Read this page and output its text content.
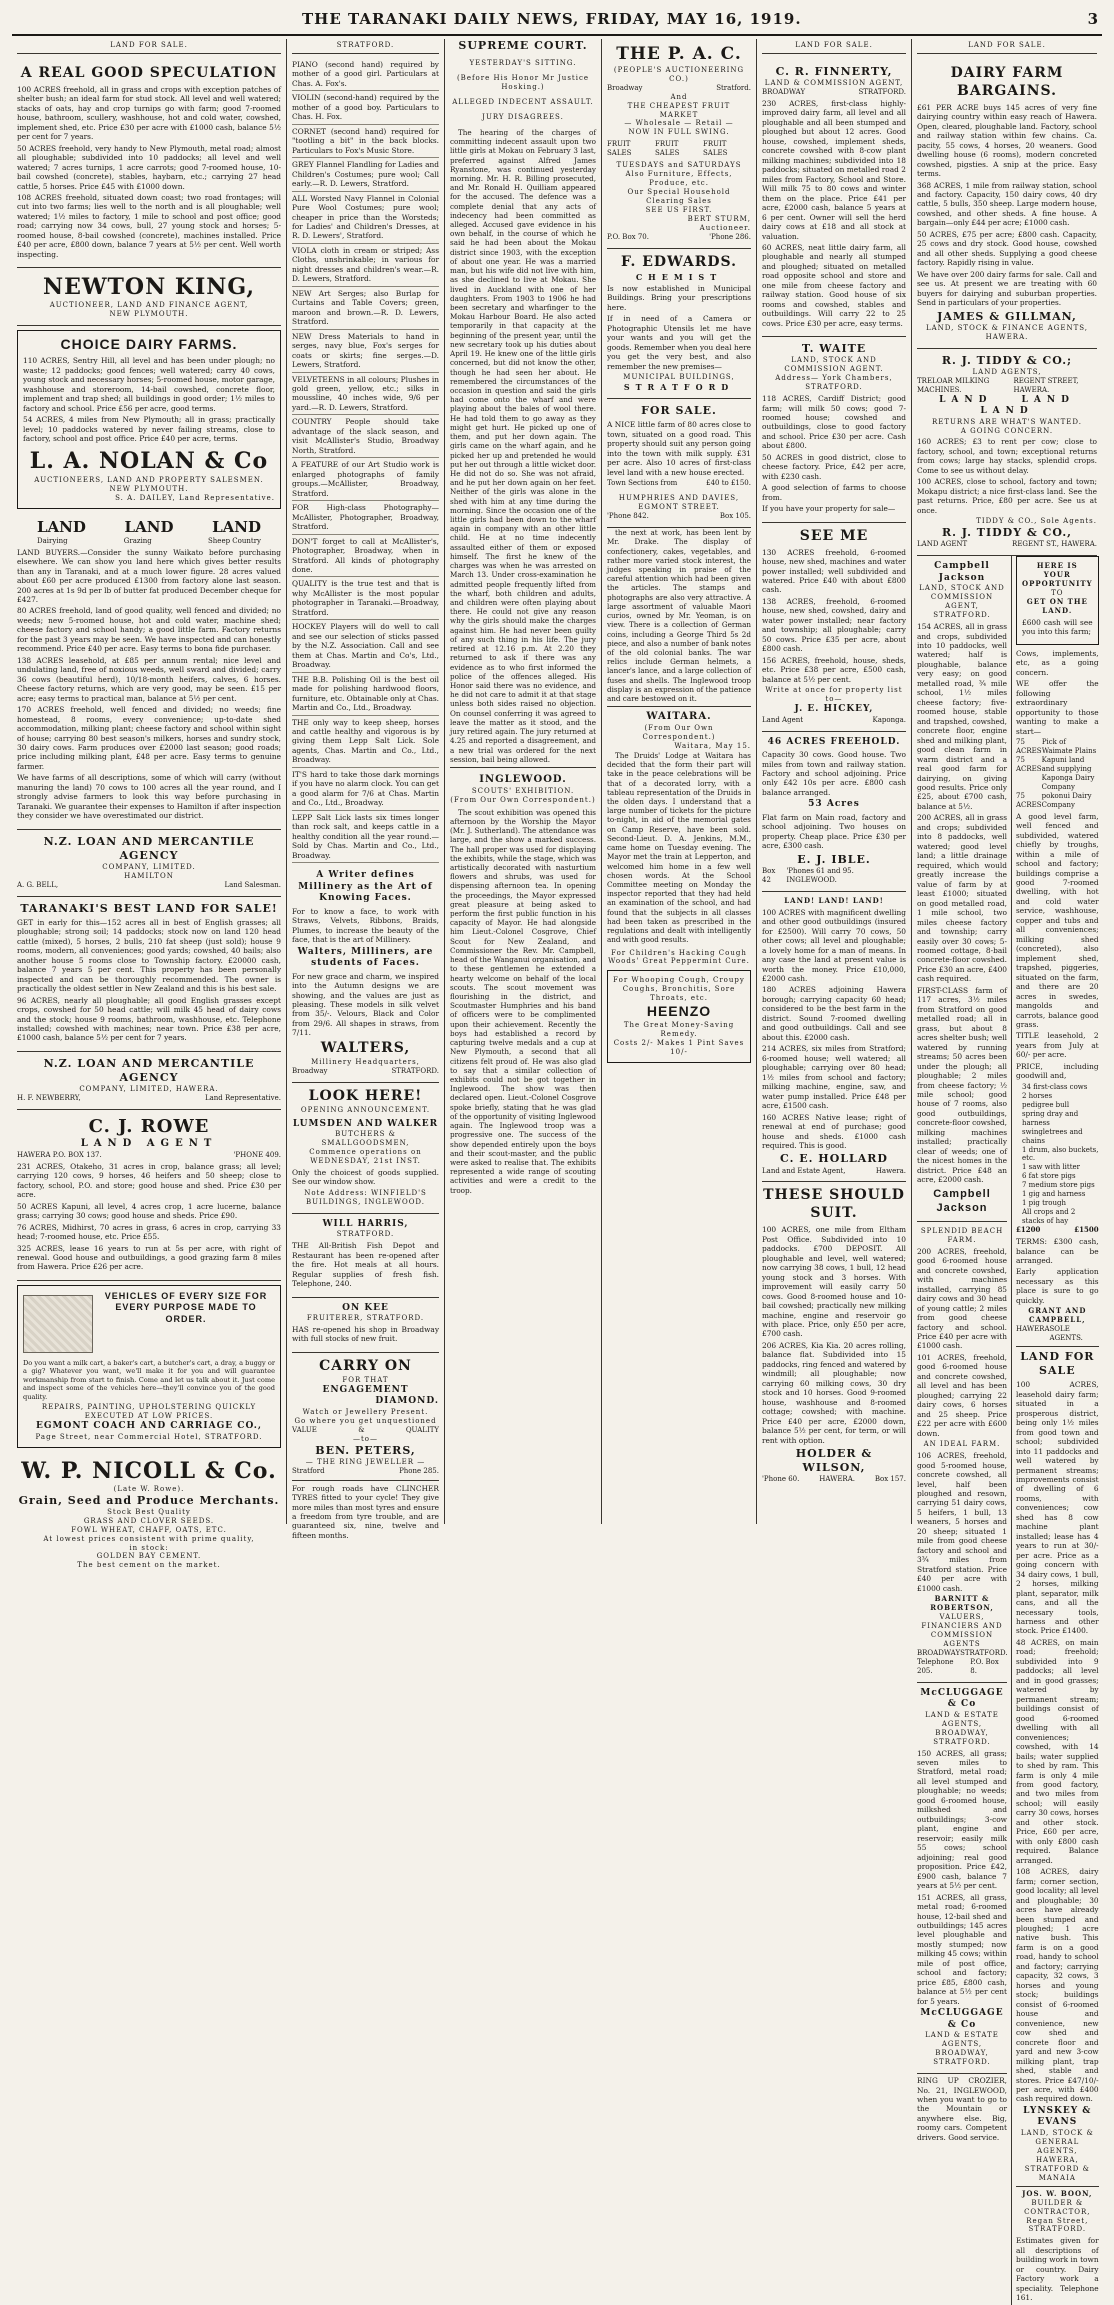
THE TARANAKI DAILY NEWS, FRIDAY, MAY 16, 1919.	3
LAND FOR SALE.
A REAL GOOD SPECULATION

100 ACRES freehold, all in grass and crops with exception patches of shelter bush; an ideal farm for stud stock. All level and well watered; stacks of oats, hay and crop turnips go with farm; good 7-roomed house, bathroom, scullery, washhouse, hot and cold water, cowshed, implement shed, etc. Price £30 per acre with £1000 cash, balance 5½ per cent for 7 years.

50 ACRES freehold, very handy to New Plymouth, metal road; almost all ploughable; subdivided into 10 paddocks; all level and well watered; 7 acres turnips, 1 acre carrots; good 7-roomed house, 10-bail cowshed (concrete), stables, haybarn, etc.; carrying 27 head cattle, 5 horses. Price £45 with £1000 down.

108 ACRES freehold, situated down coast; two road frontages; will cut into two farms; lies well to the north and is all ploughable; well watered; 1½ miles to factory, 1 mile to school and post office; good road; carrying now 34 cows, bull, 27 young stock and horses; 5-roomed house, 8-bail cowshed (concrete), machines installed. Price £40 per acre, £800 down, balance 7 years at 5½ per cent. Well worth inspecting.

NEWTON KING,
AUCTIONEER, LAND AND FINANCE AGENT,
NEW PLYMOUTH.
CHOICE DAIRY FARMS.

110 ACRES, Sentry Hill, all level and has been under plough; no waste; 12 paddocks; good fences; well watered; carry 40 cows, young stock and necessary horses; 5-roomed house, motor garage, washhouse and storeroom, 14-bail cowshed, concrete floor, implement and trap shed; all buildings in good order; 1½ miles to factory and school. Price £56 per acre, good terms.

54 ACRES, 4 miles from New Plymouth; all in grass; practically level; 10 paddocks watered by never failing streams, close to factory, school and post office. Price £40 per acre, terms.

L. A. NOLAN & Co
AUCTIONEERS, LAND AND PROPERTY SALESMEN.
NEW PLYMOUTH.
S. A. DAILEY, Land Representative.
LAND	LAND	LAND
Dairying	Grazing	Sheep Country

LAND BUYERS.—Consider the sunny Waikato before purchasing elsewhere. We can show you land here which gives better results than any in Taranaki, and at a much lower figure. 28 acres valued about £60 per acre produced £1300 from factory alone last season. 200 acres at 1s 9d per lb of butter fat produced December cheque for £427.

80 ACRES freehold, land of good quality, well fenced and divided; no weeds; new 5-roomed house, hot and cold water, machine shed; cheese factory and school handy; a good little farm. Factory returns for the past 3 years may be seen. We have inspected and can honestly recommend. Price £40 per acre. Easy terms to bona fide purchaser.

138 ACRES leasehold, at £85 per annum rental; nice level and undulating land, free of noxious weeds, well sward and divided; carry 36 cows (beautiful herd), 10/18-month heifers, calves, 6 horses. Cheese factory returns, which are very good, may be seen. £15 per acre; easy terms to practical man, balance at 5½ per cent.

170 ACRES freehold, well fenced and divided; no weeds; fine homestead, 8 rooms, every convenience; up-to-date shed accommodation, milking plant; cheese factory and school within sight of house; carrying 80 best season's milkers, horses and sundry stock, 30 dairy cows. Farm produces over £2000 last season; good roads; price including milking plant, £48 per acre. Easy terms to genuine farmer.

We have farms of all descriptions, some of which will carry (without manuring the land) 70 cows to 100 acres all the year round, and I strongly advise farmers to look this way before purchasing in Taranaki. We guarantee their expenses to Hamilton if after inspection they consider we have overestimated our district.

N.Z. LOAN AND MERCANTILE AGENCY
COMPANY, LIMITED.
HAMILTON
A. G. BELL,	Land Salesman.
TARANAKI'S BEST LAND FOR SALE!

GET in early for this—152 acres all in best of English grasses; all ploughable; strong soil; 14 paddocks; stock now on land 120 head cattle (mixed), 5 horses, 2 bulls, 210 fat sheep (just sold); house 9 rooms, modern, all conveniences; good yards; cowshed, 40 bails; also another house 5 rooms close to Township factory. £20000 cash, balance 7 years 5 per cent. This property has been personally inspected and can be thoroughly recommended. The owner is practically the oldest settler in New Zealand and this is his best sale.

96 ACRES, nearly all ploughable; all good English grasses except crops, cowshed for 50 head cattle; will milk 45 head of dairy cows and the stock; house 9 rooms, bathroom, washhouse, etc. Telephone installed; cowshed with machines; near town. Price £38 per acre, £1000 cash, balance 5½ per cent for 7 years.

N.Z. LOAN AND MERCANTILE AGENCY
COMPANY, LIMITED, HAWERA.
H. F. NEWBERRY,	Land Representative.
C. J. ROWE
LAND AGENT
HAWERA P.O. BOX 137.	'PHONE 409.

231 ACRES, Otakeho, 31 acres in crop, balance grass; all level; carrying 120 cows, 9 horses, 46 heifers and 50 sheep; close to factory, school, P.O. and store; good house and shed. Price £30 per acre.

50 ACRES Kapuni, all level, 4 acres crop, 1 acre lucerne, balance grass; carrying 30 cows; good house and sheds. Price £90.

76 ACRES, Midhirst, 70 acres in grass, 6 acres in crop, carrying 33 head; 7-roomed house, etc. Price £55.

325 ACRES, lease 16 years to run at 5s per acre, with right of renewal. Good house and outbuildings, a good grazing farm 8 miles from Hawera. Price £26 per acre.

VEHICLES OF EVERY SIZE FOR EVERY PURPOSE MADE TO ORDER.

Do you want a milk cart, a baker's cart, a butcher's cart, a dray, a buggy or a gig? Whatever you want, we'll make it for you and will guarantee workmanship from start to finish. Come and let us talk about it. Just come and inspect some of the vehicles here—they'll convince you of the good quality.

REPAIRS, PAINTING, UPHOLSTERING QUICKLY EXECUTED AT LOW PRICES.
EGMONT COACH AND CARRIAGE CO.,
Page Street, near Commercial Hotel, STRATFORD.
W. P. NICOLL & Co.
(Late W. Rowe).
Grain, Seed and Produce Merchants.
Stock Best Quality
GRASS AND CLOVER SEEDS.
FOWL WHEAT, CHAFF, OATS, ETC.
At lowest prices consistent with prime quality,
in stock:
GOLDEN BAY CEMENT.
The best cement on the market.
STRATFORD.

PIANO (second hand) required by mother of a good girl. Particulars at Chas. A. Fox's.

VIOLIN (second-hand) required by the mother of a good boy. Particulars to Chas. H. Fox.

CORNET (second hand) required for "tootling a bit" in the back blocks. Particulars to Fox's Music Store.

GREY Flannel Flandling for Ladies and Children's Costumes; pure wool; Call early.—R. D. Lewers, Stratford.

ALL Worsted Navy Flannel in Colonial Pure Wool Costumes; pure wool; cheaper in price than the Worsteds; for Ladies' and Children's Dresses, at R. D. Lewers', Stratford.

VIOLA cloth in cream or striped; Ass Cloths, unshrinkable; in various for night dresses and children's wear.—R. D. Lewers, Stratford.

NEW Art Serges; also Burlap for Curtains and Table Covers; green, maroon and brown.—R. D. Lewers, Stratford.

NEW Dress Materials to hand in serges, navy blue, Fox's serges for coats or skirts; fine serges.—D. Lewers, Stratford.

VELVETEENS in all colours; Plushes in gold green, yellow, etc.; silks in moussline, 40 inches wide, 9/6 per yard.—R. D. Lewers, Stratford.

COUNTRY People should take advantage of the slack season, and visit McAllister's Studio, Broadway North, Stratford.

A FEATURE of our Art Studio work is enlarged photographs of family groups.—McAllister, Broadway, Stratford.

FOR High-class Photography—McAllister, Photographer, Broadway, Stratford.

DON'T forget to call at McAllister's, Photographer, Broadway, when in Stratford. All kinds of photography done.

QUALITY is the true test and that is why McAllister is the most popular photographer in Taranaki.—Broadway, Stratford.

HOCKEY Players will do well to call and see our selection of sticks passed by the N.Z. Association. Call and see them at Chas. Martin and Co's, Ltd., Broadway.

THE B.B. Polishing Oil is the best oil made for polishing hardwood floors, furniture, etc. Obtainable only at Chas. Martin and Co., Ltd., Broadway.

THE only way to keep sheep, horses and cattle healthy and vigorous is by giving them Lepp Salt Lick. Sole agents, Chas. Martin and Co., Ltd., Broadway.

IT'S hard to take those dark mornings if you have no alarm clock. You can get a good alarm for 7/6 at Chas. Martin and Co., Ltd., Broadway.

LEPP Salt Lick lasts six times longer than rock salt, and keeps cattle in a healthy condition all the year round.—Sold by Chas. Martin and Co., Ltd., Broadway.

A Writer defines Millinery as the Art of Knowing Faces.

For to know a face, to work with Straws, Velvets, Ribbons, Braids, Plumes, to increase the beauty of the face, that is the art of Millinery.

Walters, Milliners, are students of Faces.

For new grace and charm, we inspired into the Autumn designs we are showing, and the values are just as pleasing. These models in silk velvet from 35/-. Velours, Black and Color from 29/6. All shapes in straws, from 7/11.

WALTERS,
Millinery Headquarters,
Broadway	STRATFORD.
LOOK HERE!
OPENING ANNOUNCEMENT.
LUMSDEN AND WALKER
BUTCHERS & SMALLGOODSMEN,
Commence operations on
WEDNESDAY, 21st INST.

Only the choicest of goods supplied. See our window show.

Note Address: WINFIELD'S BUILDINGS, INGLEWOOD.
WILL HARRIS,
STRATFORD.

THE All-British Fish Depot and Restaurant has been re-opened after the fire. Hot meals at all hours. Regular supplies of fresh fish. Telephone, 240.

ON KEE
FRUITERER, STRATFORD.

HAS re-opened his shop in Broadway with full stocks of new fruit.

CARRY ON
FOR THAT
ENGAGEMENT
DIAMOND.
Watch or Jewellery Present.
Go where you get unquestioned
VALUE	&	QUALITY
—to—
BEN. PETERS,
— THE RING JEWELLER —
Stratford	Phone 285.

For rough roads have CLINCHER TYRES fitted to your cycle! They give more miles than most tyres and ensure a freedom from tyre trouble, and are guaranteed six, nine, twelve and fifteen months.

SUPREME COURT.
YESTERDAY'S SITTING.
(Before His Honor Mr Justice Hosking.)
ALLEGED INDECENT ASSAULT.
JURY DISAGREES.

The hearing of the charges of committing indecent assault upon two little girls at Mokau on February 3 last, preferred against Alfred James Ryanstone, was continued yesterday morning. Mr. H. R. Billing prosecuted, and Mr. Ronald H. Quilliam appeared for the accused. The defence was a complete denial that any acts of indecency had been committed as alleged. Accused gave evidence in his own behalf, in the course of which he said he had been about the Mokau district since 1903, with the exception of about one year. He was a married man, but his wife did not live with him, as she declined to live at Mokau. She lived in Auckland with one of her daughters. From 1903 to 1906 he had been secretary and wharfinger to the Mokau Harbour Board. He also acted temporarily in that capacity at the beginning of the present year, until the new secretary took up his duties about April 19. He knew one of the little girls concerned, but did not know the other, though he had seen her about. He remembered the circumstances of the occasion in question and said the girls had come onto the wharf and were playing about the bales of wool there. He had told them to go away as they might get hurt. He picked up one of them, and put her down again. The girls came on the wharf again, and he picked her up and pretended he would put her out through a little wicket door. He did not do so. She was not afraid, and he put her down again on her feet. Neither of the girls was alone in the shed with him at any time during the morning. Since the occasion one of the little girls had been down to the wharf again in company with an other little child. He at no time indecently assaulted either of them or exposed himself. The first he knew of the charges was when he was arrested on March 13. Under cross-examination he admitted people frequently lifted from the wharf, both children and adults, and children were often playing about there. He could not give any reason why the girls should make the charges against him. He had never been guilty of any such thing in his life. The jury retired at 12.16 p.m. At 2.20 they returned to ask if there was any evidence as to who first informed the police of the offences alleged. His Honor said there was no evidence, and he did not care to admit it at that stage unless both sides raised no objection. On counsel conferring it was agreed to leave the matter as it stood, and the jury retired again. The jury returned at 4.25 and reported a disagreement, and a new trial was ordered for the next session, bail being allowed.

INGLEWOOD.
SCOUTS' EXHIBITION.
(From Our Own Correspondent.)

The scout exhibition was opened this afternoon by the Worship the Mayor (Mr. J. Sutherland). The attendance was large, and the show a marked success. The hall proper was used for displaying the exhibits, while the stage, which was artistically decorated with nasturtium flowers and shrubs, was used for dispensing afternoon tea. In opening the proceedings, the Mayor expressed great pleasure at being asked to perform the first public function in his capacity of Mayor. He had alongside him Lieut.-Colonel Cosgrove, Chief Scout for New Zealand, and Commissioner the Rev. Mr. Campbell, head of the Wanganui organisation, and to these gentlemen he extended a hearty welcome on behalf of the local scouts. The scout movement was flourishing in the district, and Scoutmaster Humphries and his band of officers were to be complimented upon their achievement. Recently the boys had established a record by capturing twelve medals and a cup at New Plymouth, a second that all citizens felt proud of. He was also glad to say that a similar collection of exhibits could not be got together in Inglewood. The show was then declared open. Lieut.-Colonel Cosgrove spoke briefly, stating that he was glad of the opportunity of visiting Inglewood again. The Inglewood troop was a progressive one. The success of the show depended entirely upon the boys and their scout-master, and the public were asked to realise that. The exhibits represented a wide range of scouting activities and were a credit to the troop.

THE P. A. C.
(PEOPLE'S AUCTIONEERING CO.)
Broadway	Stratford.
And
THE CHEAPEST FRUIT MARKET
— Wholesale — Retail —
NOW IN FULL SWING.
FRUIT SALES
FRUIT SALES
FRUIT SALES
TUESDAYS and SATURDAYS
Also Furniture, Effects, Produce, etc.
Our Special Household Clearing Sales
SEE US FIRST.
BERT STURM,
Auctioneer.
P.O. Box 70.	'Phone 286.
F. EDWARDS.
CHEMIST

Is now established in Municipal Buildings. Bring your prescriptions here.

If in need of a Camera or Photographic Utensils let me have your wants and you will get the goods. Remember when you deal here you get the very best, and also remember the new premises—

MUNICIPAL BUILDINGS,
STRATFORD
FOR SALE.

A NICE little farm of 80 acres close to town, situated on a good road. This property should suit any person going into the town with milk supply. £31 per acre. Also 10 acres of first-class level land with a new house erected.

Town Sections from	£40 to £150.
HUMPHRIES AND DAVIES,
EGMONT STREET.
'Phone 842.	Box 105.

the next at work, has been lent by Mr. Drake. The display of confectionery, cakes, vegetables, and rather more varied stock interest, the judges speaking in praise of the careful attention which had been given the articles. The stamps and photographs are also very attractive. A large assortment of valuable Maori curios, owned by Mr. Yeoman, is on view. There is a collection of German coins, including a George Third 5s 2d piece, and also a number of bank notes of the old colonial banks. The war relics include German helmets, a lancer's lance, and a large collection of fuses and shells. The Inglewood troop display is an expression of the patience and care bestowed on it.

WAITARA.
(From Our Own Correspondent.)
Waitara, May 15.

The Druids' Lodge at Waitara has decided that the form their part will take in the peace celebrations will be that of a decorated lorry, with a tableau representation of the Druids in the olden days. I understand that a large number of tickets for the picture to-night, in aid of the memorial gates on Camp Reserve, have been sold. Second-Lieut. D. A. Jenkins, M.M., came home on Tuesday evening. The Mayor met the train at Lepperton, and welcomed him home in a few well chosen words. At the School Committee meeting on Monday the inspector reported that they had held an examination of the school, and had found that the subjects in all classes had been taken as prescribed in the regulations and dealt with intelligently and with good results.

For Children's Hacking Cough Woods' Great Peppermint Cure.
For Whooping Cough, Croupy Coughs, Bronchitis, Sore Throats, etc.
HEENZO
The Great Money-Saving Remedy.
Costs 2/- Makes 1 Pint Saves 10/-
LAND FOR SALE.
C. R. FINNERTY,
LAND & COMMISSION AGENT,
BROADWAY	STRATFORD.

230 ACRES, first-class highly-improved dairy farm, all level and all ploughable and all been stumped and ploughed but about 12 acres. Good house, cowshed, implement sheds, concrete cowshed with 8-cow plant milking machines; subdivided into 18 paddocks; situated on metalled road 2 miles from Factory, School and Store. Will milk 75 to 80 cows and winter them on the place. Price £41 per acre, £2000 cash, balance 5 years at 6 per cent. Owner will sell the herd dairy cows at £18 and all stock at valuation.

60 ACRES, neat little dairy farm, all ploughable and nearly all stumped and ploughed; situated on metalled road opposite school and store and one mile from cheese factory and railway station. Good house of six rooms and cowshed, stables and outbuildings. Will carry 22 to 25 cows. Price £30 per acre, easy terms.

T. WAITE
LAND, STOCK AND COMMISSION AGENT.
Address— York Chambers, STRATFORD.

118 ACRES, Cardiff District; good farm; will milk 50 cows; good 7-roomed house; cowshed and outbuildings, close to good factory and school. Price £30 per acre. Cash about £800.

50 ACRES in good district, close to cheese factory. Price, £42 per acre, with £230 cash.

A good selection of farms to choose from.

If you have your property for sale—

SEE ME

130 ACRES freehold, 6-roomed house, new shed, machines and water power installed; well subdivided and watered. Price £40 with about £800 cash.

138 ACRES, freehold, 6-roomed house, new shed, cowshed, dairy and water power installed; near factory and township; all ploughable; carry 50 cows. Price £35 per acre, about £800 cash.

156 ACRES, freehold, house, sheds, etc. Price £38 per acre, £500 cash, balance at 5½ per cent.

Write at once for property list to—
J. E. HICKEY,
Land Agent	Kaponga.
46 ACRES FREEHOLD.

Capacity 30 cows. Good house. Two miles from town and railway station. Factory and school adjoining. Price only £42 10s per acre. £800 cash balance arranged.

53 Acres

Flat farm on Main road, factory and school adjoining. Two houses on property. Cheap place. Price £30 per acre, £300 cash.

E. J. IBLE.
Box 42
'Phones 61 and 95. INGLEWOOD.
LAND! LAND! LAND!

100 ACRES with magnificent dwelling and other good outbuildings (insured for £2500). Will carry 70 cows, 50 other cows; all level and ploughable; a lovely home for a man of means. In any case the land at present value is worth the money. Price £10,000, £2000 cash.

180 ACRES adjoining Hawera borough; carrying capacity 60 head; considered to be the best farm in the district. Sound 7-roomed dwelling and good outbuildings. Call and see about this. £2000 cash.

214 ACRES, six miles from Stratford; 6-roomed house; well watered; all ploughable; carrying over 80 head; 1½ miles from school and factory; milking machine, engine, saw, and water pump installed. Price £48 per acre, £1500 cash.

160 ACRES Native lease; right of renewal at end of purchase; good house and sheds. £1000 cash required. This is good.

C. E. HOLLARD
Land and Estate Agent,	Hawera.
THESE SHOULD SUIT.

100 ACRES, one mile from Eltham Post Office. Subdivided into 10 paddocks. £700 DEPOSIT. All ploughable and level, well watered; now carrying 38 cows, 1 bull, 12 head young stock and 3 horses. With improvement will easily carry 50 cows. Good 8-roomed house and 10-bail cowshed; practically new milking machine, engine and reservoir go with place. Price, only £50 per acre, £700 cash.

206 ACRES, Kia Kia. 20 acres rolling, balance flat. Subdivided into 15 paddocks, ring fenced and watered by windmill; all ploughable; now carrying 60 milking cows, 30 dry stock and 10 horses. Good 9-roomed house, washhouse and 8-roomed cottage; cowshed; with machine. Price £40 per acre, £2000 down, balance 5½ per cent, for term, or will rent with option.

HOLDER & WILSON,
'Phone 60.	HAWERA.	Box 157.
LAND FOR SALE.
DAIRY FARM BARGAINS.

£61 PER ACRE buys 145 acres of very fine dairying country within easy reach of Hawera. Open, cleared, ploughable land. Factory, school and railway station within few chains. Ca. pacity, 55 cows, 4 horses, 20 weaners. Good dwelling house (6 rooms), modern concreted cowshed, pigsties. A snip at the price. Easy terms.

368 ACRES, 1 mile from railway station, school and factory. Capacity, 150 dairy cows, 40 dry cattle, 5 bulls, 350 sheep. Large modern house, cowshed, and other sheds. A fine house. A bargain—only £44 per acre; £1000 cash.

50 ACRES, £75 per acre; £800 cash. Capacity, 25 cows and dry stock. Good house, cowshed and all other sheds. Supplying a good cheese factory. Rapidly rising in value.

We have over 200 dairy farms for sale. Call and see us. At present we are treating with 60 buyers for dairying and suburban properties. Send in particulars of your properties.

JAMES & GILLMAN,
LAND, STOCK & FINANCE AGENTS, HAWERA.
R. J. TIDDY & CO.;
LAND AGENTS,
TRELOAR MILKING MACHINES.
REGENT STREET, HAWERA.
LAND LAND LAND
RETURNS ARE WHAT'S WANTED.
A GOING CONCERN.

160 ACRES; £3 to rent per cow; close to factory, school, and town; exceptional returns from cows; large hay stacks, splendid crops. Come to see us without delay.

100 ACRES, close to school, factory and town; Mokapu district; a nice first-class land. See the past returns. Price, £80 per acre. See us at once.

TIDDY & CO., Sole Agents.
R. J. TIDDY & CO.,
LAND AGENT	REGENT ST., HAWERA.
Campbell Jackson
LAND, STOCK AND COMMISSION AGENT, STRATFORD.

154 ACRES, all in grass and crops, subdivided into 10 paddocks, well watered; half is ploughable, balance very easy; on good metalled road, ¾ mile school, 1½ miles cheese factory; five-roomed house, stable and trapshed, cowshed, concrete floor, engine shed and milking plant, good clean farm in warm district and a real good farm for dairying, on giving good results. Price only £25, about £700 cash, balance at 5½.

200 ACRES, all in grass and crops; subdivided into 8 paddocks, well watered; good level land; a little drainage required, which would greatly increase the value of farm by at least £1000; situated on good metalled road, 1 mile school, two miles cheese factory and township; carry easily over 30 cows; 5-roomed cottage, 8-bail concrete-floor cowshed. Price £30 an acre, £400 cash required.

FIRST-CLASS farm of 117 acres, 3½ miles from Stratford on good metalled road; all in grass, but about 8 acres shelter bush; well watered by running streams; 50 acres been under the plough; all ploughable; 2 miles from cheese factory; ½ mile school; good house of 7 rooms, also good outbuildings, concrete-floor cowshed, milking machines installed; practically clear of weeds; one of the nicest homes in the district. Price £48 an acre, £2000 cash.

Campbell Jackson
SPLENDID BEACH FARM.

200 ACRES, freehold, good 6-roomed house and concrete cowshed, with machines installed, carrying 85 dairy cows and 30 head of young cattle; 2 miles from good cheese factory and school. Price £40 per acre with £1000 cash.

101 ACRES, freehold, good 6-roomed house and concrete cowshed, all level and has been ploughed; carrying 22 dairy cows, 6 horses and 25 sheep. Price £22 per acre with £600 down.

AN IDEAL FARM.

106 ACRES, freehold, good 5-roomed house, concrete cowshed, all level, half been ploughed and resown, carrying 51 dairy cows, 5 heifers, 1 bull, 13 weaners, 5 horses and 20 sheep; situated 1 mile from good cheese factory and school and 3¾ miles from Stratford station. Price £40 per acre with £1000 cash.

BARNITT & ROBERTSON,
VALUERS, FINANCIERS AND COMMISSION AGENTS
BROADWAY STRATFORD.
Telephone 205.
P.O. Box 8.
McCLUGGAGE & Co
LAND & ESTATE AGENTS,
BROADWAY, STRATFORD.

150 ACRES, all grass; seven miles to Stratford, metal road; all level stumped and ploughable; no weeds; good 6-roomed house, milkshed and outbuildings; 3-cow plant, engine and reservoir; easily milk 55 cows; school adjoining; real good proposition. Price £42, £900 cash, balance 7 years at 5½ per cent.

151 ACRES, all grass, metal road; 6-roomed house, 12-bail shed and outbuildings; 145 acres level ploughable and mostly stumped; now milking 45 cows; within mile of post office, school and factory; price £85, £800 cash, balance at 5½ per cent for 5 years.

McCLUGGAGE & Co
LAND & ESTATE AGENTS,
BROADWAY, STRATFORD.

RING UP CROZIER, No. 21, INGLEWOOD, when you want to go to the Mountain or anywhere else. Big, roomy cars. Competent drivers. Good service.

HERE IS YOUR OPPORTUNITY
TO
GET ON THE LAND.

£600 cash will see you into this farm;

Cows, implements, etc, as a going concern.

WE offer the following extraordinary opportunity to those wanting to make a start—

75 ACRES
Pick of Waimate Plains
75 ACRES
Kapuni land and supplying Kaponga Dairy Company
75 ACRES
pokonui Dairy Company

A good level farm, well fenced and subdivided, watered chiefly by troughs, within a mile of school and factory; buildings comprise a good 7-roomed dwelling, with hot and cold water service, washhouse, copper and tubs and all conveniences; milking shed (concreted), also implement shed, trapshed, piggeries, situated on the farm, and there are 20 acres in swedes, mangolds and carrots, balance good grass.

TITLE leasehold, 2 years from July at 60/- per acre.

PRICE, including goodwill and,

34 first-class cows
2 horses
pedigree bull
spring dray and harness
swingletrees and chains
1 drum, also buckets, etc.
1 saw with litter
6 fat store pigs
7 medium store pigs
1 gig and harness
1 pig trough
All crops and 2 stacks of hay
£1200	£1500

TERMS: £300 cash, balance can be arranged.

Early application necessary as this place is sure to go quickly.

GRANT AND CAMPBELL,
HAWERA SOLE AGENTS.
LAND FOR SALE

100 ACRES, leasehold dairy farm; situated in a prosperous district, being only 1½ miles from good town and school; subdivided into 11 paddocks and well watered by permanent streams; improvements consist of dwelling of 6 rooms, with conveniences; cow shed has 8 cow machine plant installed; lease has 4 years to run at 30/- per acre. Price as a going concern with 34 dairy cows, 1 bull, 2 horses, milking plant, separator, milk cans, and all the necessary tools, harness and other stock. Price £1400.

48 ACRES, on main road; freehold; subdivided into 9 paddocks; all level and in good grasses; watered by permanent stream; buildings consist of good 6-roomed dwelling with all conveniences; cowshed, with 14 bails; water supplied to shed by ram. This farm is only 4 mile from good factory, and two miles from school; will easily carry 30 cows, horses and other stock. Price, £60 per acre, with only £800 cash required. Balance arranged.

108 ACRES, dairy farm; corner section, good locality; all level and ploughable; 30 acres have already been stumped and ploughed; 1 acre native bush. This farm is on a good road, handy to school and factory; carrying capacity, 32 cows, 3 horses and young stock; buildings consist of 6-roomed house and convenience, new cow shed and concrete floor and yard and new 3-cow milking plant, trap shed, stable and stores. Price £47/10/- per acre, with £400 cash required down.

LYNSKEY & EVANS
LAND, STOCK & GENERAL AGENTS, HAWERA, STRATFORD & MANAIA
JOS. W. BOON,
BUILDER & CONTRACTOR,
Regan Street, STRATFORD.

Estimates given for all descriptions of building work in town or country. Dairy Factory work a speciality. Telephone 161.
